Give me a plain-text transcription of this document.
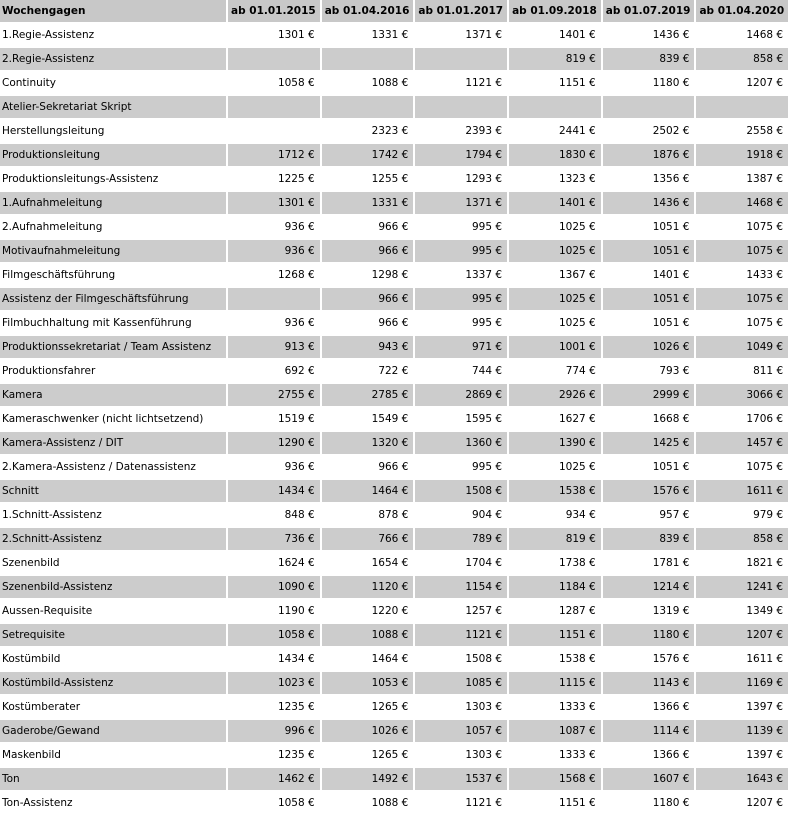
Wochengagen	ab 01.01.2015	ab 01.04.2016	ab 01.01.2017	ab 01.09.2018	ab 01.07.2019	ab 01.04.2020
1.Regie-Assistenz	1301 €	1331 €	1371 €	1401 €	1436 €	1468 €
2.Regie-Assistenz				819 €	839 €	858 €
Continuity	1058 €	1088 €	1121 €	1151 €	1180 €	1207 €
Atelier-Sekretariat Skript						
Herstellungsleitung		2323 €	2393 €	2441 €	2502 €	2558 €
Produktionsleitung	1712 €	1742 €	1794 €	1830 €	1876 €	1918 €
Produktionsleitungs-Assistenz	1225 €	1255 €	1293 €	1323 €	1356 €	1387 €
1.Aufnahmeleitung	1301 €	1331 €	1371 €	1401 €	1436 €	1468 €
2.Aufnahmeleitung	936 €	966 €	995 €	1025 €	1051 €	1075 €
Motivaufnahmeleitung	936 €	966 €	995 €	1025 €	1051 €	1075 €
Filmgeschäftsführung	1268 €	1298 €	1337 €	1367 €	1401 €	1433 €
Assistenz der Filmgeschäftsführung		966 €	995 €	1025 €	1051 €	1075 €
Filmbuchhaltung mit Kassenführung	936 €	966 €	995 €	1025 €	1051 €	1075 €
Produktionssekretariat / Team Assistenz	913 €	943 €	971 €	1001 €	1026 €	1049 €
Produktionsfahrer	692 €	722 €	744 €	774 €	793 €	811 €
Kamera	2755 €	2785 €	2869 €	2926 €	2999 €	3066 €
Kameraschwenker (nicht lichtsetzend)	1519 €	1549 €	1595 €	1627 €	1668 €	1706 €
Kamera-Assistenz / DIT	1290 €	1320 €	1360 €	1390 €	1425 €	1457 €
2.Kamera-Assistenz / Datenassistenz	936 €	966 €	995 €	1025 €	1051 €	1075 €
Schnitt	1434 €	1464 €	1508 €	1538 €	1576 €	1611 €
1.Schnitt-Assistenz	848 €	878 €	904 €	934 €	957 €	979 €
2.Schnitt-Assistenz	736 €	766 €	789 €	819 €	839 €	858 €
Szenenbild	1624 €	1654 €	1704 €	1738 €	1781 €	1821 €
Szenenbild-Assistenz	1090 €	1120 €	1154 €	1184 €	1214 €	1241 €
Aussen-Requisite	1190 €	1220 €	1257 €	1287 €	1319 €	1349 €
Setrequisite	1058 €	1088 €	1121 €	1151 €	1180 €	1207 €
Kostümbild	1434 €	1464 €	1508 €	1538 €	1576 €	1611 €
Kostümbild-Assistenz	1023 €	1053 €	1085 €	1115 €	1143 €	1169 €
Kostümberater	1235 €	1265 €	1303 €	1333 €	1366 €	1397 €
Gaderobe/Gewand	996 €	1026 €	1057 €	1087 €	1114 €	1139 €
Maskenbild	1235 €	1265 €	1303 €	1333 €	1366 €	1397 €
Ton	1462 €	1492 €	1537 €	1568 €	1607 €	1643 €
Ton-Assistenz	1058 €	1088 €	1121 €	1151 €	1180 €	1207 €
